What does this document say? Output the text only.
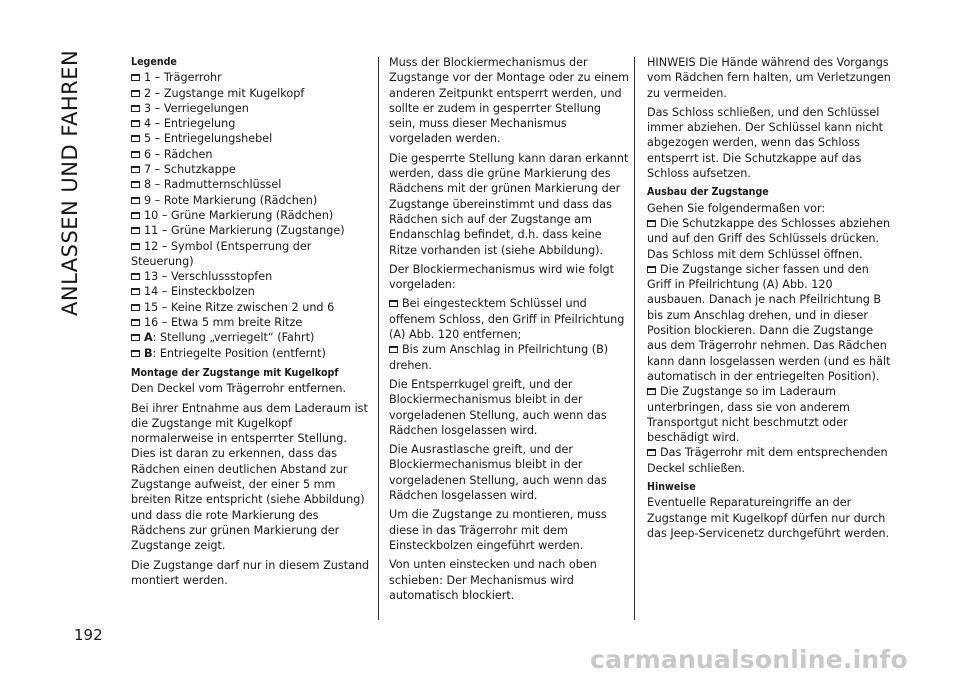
ANLASSEN UND FAHREN
192
Legende
1 – Trägerrohr
2 – Zugstange mit Kugelkopf
3 – Verriegelungen
4 – Entriegelung
5 – Entriegelungshebel
6 – Rädchen
7 – Schutzkappe
8 – Radmutternschlüssel
9 – Rote Markierung (Rädchen)
10 – Grüne Markierung (Rädchen)
11 – Grüne Markierung (Zugstange)
12 – Symbol (Entsperrung der Steuerung)
13 – Verschlussstopfen
14 – Einsteckbolzen
15 – Keine Ritze zwischen 2 und 6
16 – Etwa 5 mm breite Ritze
A: Stellung „verriegelt“ (Fahrt)
B: Entriegelte Position (entfernt)
Montage der Zugstange mit Kugelkopf

Den Deckel vom Trägerrohr entfernen.

Bei ihrer Entnahme aus dem Laderaum ist die Zugstange mit Kugelkopf normalerweise in entsperrter Stellung. Dies ist daran zu erkennen, dass das Rädchen einen deutlichen Abstand zur Zugstange aufweist, der einer 5 mm breiten Ritze entspricht (siehe Abbildung) und dass die rote Markierung des Rädchens zur grünen Markierung der Zugstange zeigt.

Die Zugstange darf nur in diesem Zustand montiert werden.

Muss der Blockiermechanismus der Zugstange vor der Montage oder zu einem anderen Zeitpunkt entsperrt werden, und sollte er zudem in gesperrter Stellung sein, muss dieser Mechanismus vorgeladen werden.

Die gesperrte Stellung kann daran erkannt werden, dass die grüne Markierung des Rädchens mit der grünen Markierung der Zugstange übereinstimmt und dass das Rädchen sich auf der Zugstange am Endanschlag befindet, d.h. dass keine Ritze vorhanden ist (siehe Abbildung).

Der Blockiermechanismus wird wie folgt vorgeladen:

Bei eingestecktem Schlüssel und offenem Schloss, den Griff in Pfeilrichtung (A) Abb. 120 entfernen;
Bis zum Anschlag in Pfeilrichtung (B) drehen.

Die Entsperrkugel greift, und der Blockiermechanismus bleibt in der vorgeladenen Stellung, auch wenn das Rädchen losgelassen wird.

Die Ausrastlasche greift, und der Blockiermechanismus bleibt in der vorgeladenen Stellung, auch wenn das Rädchen losgelassen wird.

Um die Zugstange zu montieren, muss diese in das Trägerrohr mit dem Einsteckbolzen eingeführt werden.

Von unten einstecken und nach oben schieben: Der Mechanismus wird automatisch blockiert.

HINWEIS Die Hände während des Vorgangs vom Rädchen fern halten, um Verletzungen zu vermeiden.

Das Schloss schließen, und den Schlüssel immer abziehen. Der Schlüssel kann nicht abgezogen werden, wenn das Schloss entsperrt ist. Die Schutzkappe auf das Schloss aufsetzen.

Ausbau der Zugstange

Gehen Sie folgendermaßen vor:

Die Schutzkappe des Schlosses abziehen und auf den Griff des Schlüssels drücken. Das Schloss mit dem Schlüssel öffnen.
Die Zugstange sicher fassen und den Griff in Pfeilrichtung (A) Abb. 120 ausbauen. Danach je nach Pfeilrichtung B bis zum Anschlag drehen, und in dieser Position blockieren. Dann die Zugstange aus dem Trägerrohr nehmen. Das Rädchen kann dann losgelassen werden (und es hält automatisch in der entriegelten Position).
Die Zugstange so im Laderaum unterbringen, dass sie von anderem Transportgut nicht beschmutzt oder beschädigt wird.
Das Trägerrohr mit dem entsprechenden Deckel schließen.
Hinweise

Eventuelle Reparatureingriffe an der Zugstange mit Kugelkopf dürfen nur durch das Jeep-Servicenetz durchgeführt werden.

carmanualsonline.info
